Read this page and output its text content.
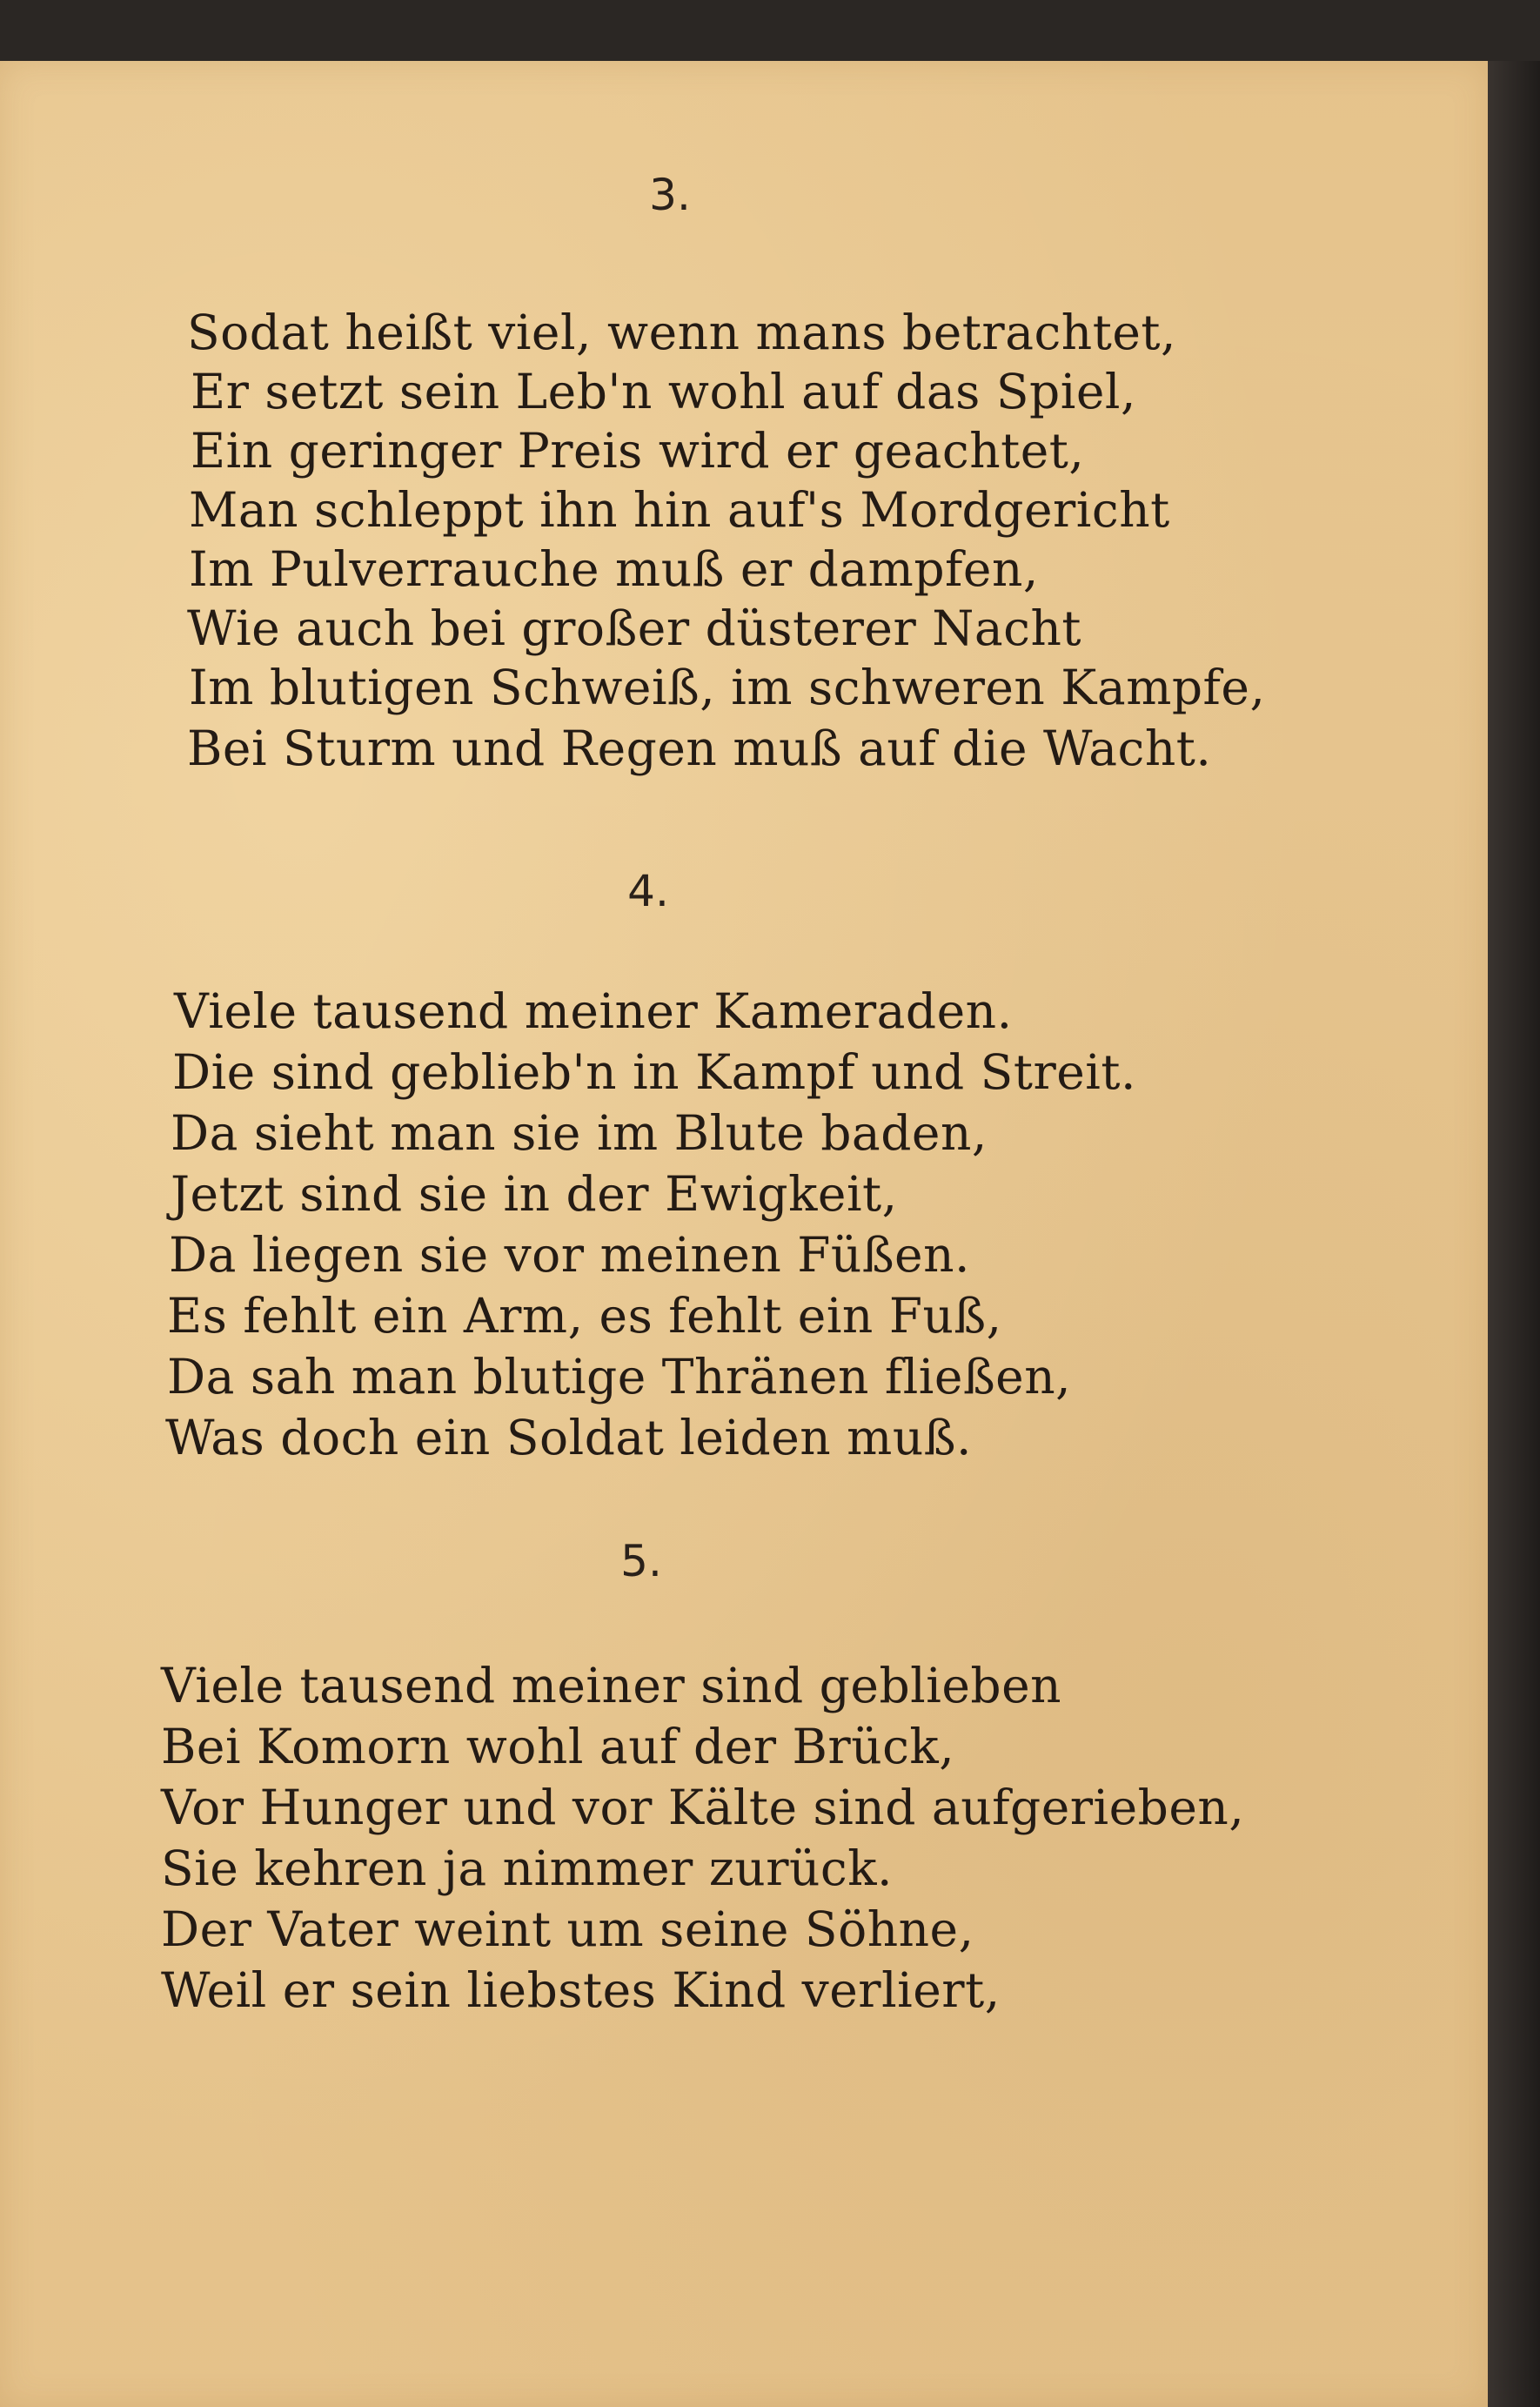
3.
Sodat heißt viel, wenn mans betrachtet,
Er setzt sein Leb'n wohl auf das Spiel,
Ein geringer Preis wird er geachtet,
Man schleppt ihn hin auf's Mordgericht
Im Pulverrauche muß er dampfen,
Wie auch bei großer düsterer Nacht
Im blutigen Schweiß, im schweren Kampfe,
Bei Sturm und Regen muß auf die Wacht.
4.
Viele tausend meiner Kameraden.
Die sind geblieb'n in Kampf und Streit.
Da sieht man sie im Blute baden,
Jetzt sind sie in der Ewigkeit,
Da liegen sie vor meinen Füßen.
Es fehlt ein Arm, es fehlt ein Fuß,
Da sah man blutige Thränen fließen,
Was doch ein Soldat leiden muß.
5.
Viele tausend meiner sind geblieben
Bei Komorn wohl auf der Brück,
Vor Hunger und vor Kälte sind aufgerieben,
Sie kehren ja nimmer zurück.
Der Vater weint um seine Söhne,
Weil er sein liebstes Kind verliert,
